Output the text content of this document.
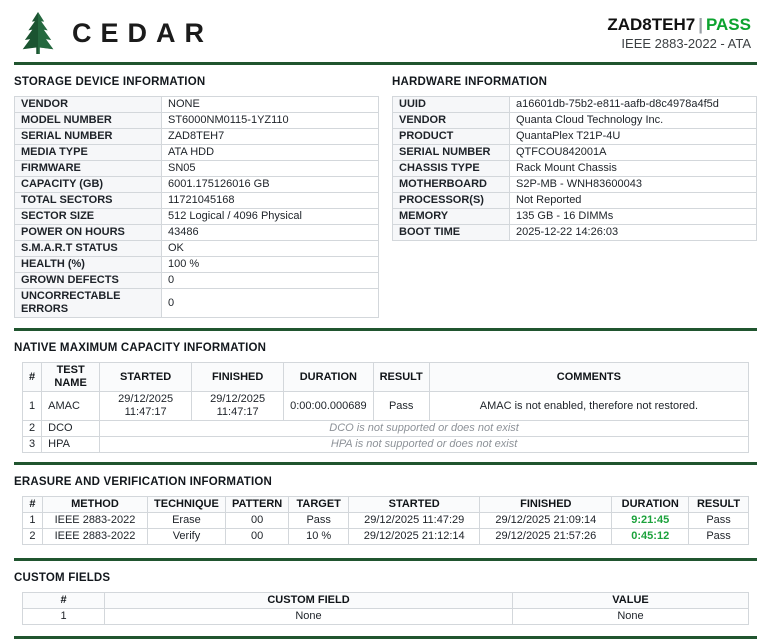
CEDAR	ZAD8TEH7 | PASS
IEEE 2883-2022 - ATA
STORAGE DEVICE INFORMATION
VENDOR	NONE
MODEL NUMBER	ST6000NM0115-1YZ110
SERIAL NUMBER	ZAD8TEH7
MEDIA TYPE	ATA HDD
FIRMWARE	SN05
CAPACITY (GB)	6001.175126016 GB
TOTAL SECTORS	11721045168
SECTOR SIZE	512 Logical / 4096 Physical
POWER ON HOURS	43486
S.M.A.R.T STATUS	OK
HEALTH (%)	100 %
GROWN DEFECTS	0
UNCORRECTABLE ERRORS	0
HARDWARE INFORMATION
UUID	a16601db-75b2-e811-aafb-d8c4978a4f5d
VENDOR	Quanta Cloud Technology Inc.
PRODUCT	QuantaPlex T21P-4U
SERIAL NUMBER	QTFCOU842001A
CHASSIS TYPE	Rack Mount Chassis
MOTHERBOARD	S2P-MB - WNH83600043
PROCESSOR(S)	Not Reported
MEMORY	135 GB - 16 DIMMs
BOOT TIME	2025-12-22 14:26:03
NATIVE MAXIMUM CAPACITY INFORMATION
#	TEST NAME	STARTED	FINISHED	DURATION	RESULT	COMMENTS
1	AMAC	29/12/2025 11:47:17	29/12/2025 11:47:17	0:00:00.000689	Pass	AMAC is not enabled, therefore not restored.
2	DCO	DCO is not supported or does not exist				
3	HPA	HPA is not supported or does not exist				
ERASURE AND VERIFICATION INFORMATION
#	METHOD	TECHNIQUE	PATTERN	TARGET	STARTED	FINISHED	DURATION	RESULT
1	IEEE 2883-2022	Erase	00	Pass	29/12/2025 11:47:29	29/12/2025 21:09:14	9:21:45	Pass
2	IEEE 2883-2022	Verify	00	10 %	29/12/2025 21:12:14	29/12/2025 21:57:26	0:45:12	Pass
CUSTOM FIELDS
#	CUSTOM FIELD	VALUE
1	None	None
